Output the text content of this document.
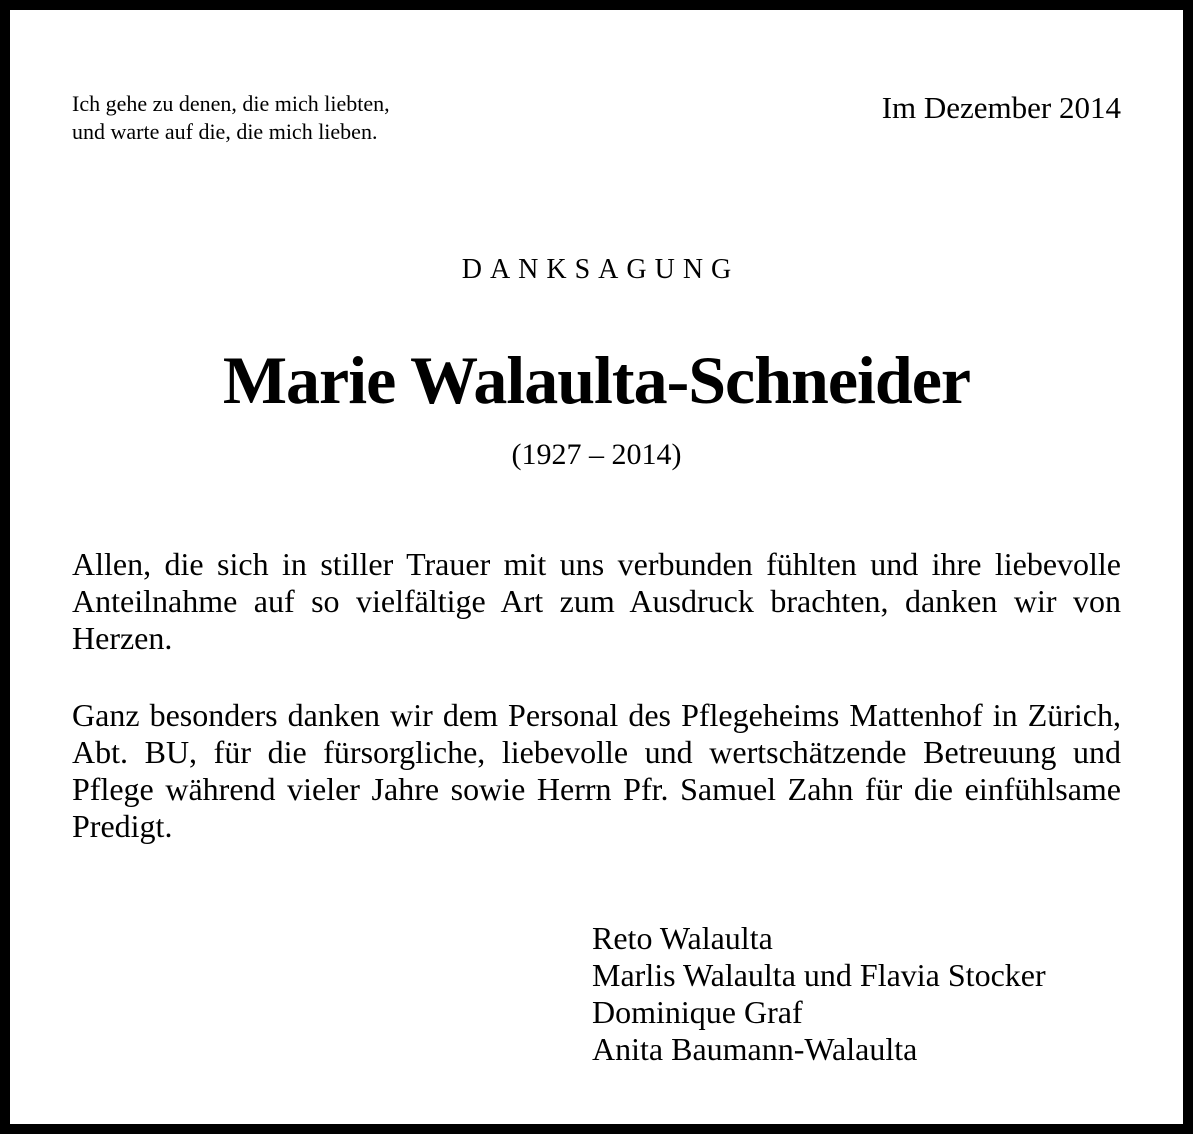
Ich gehe zu denen, die mich liebten,
und warte auf die, die mich lieben.
Im Dezember 2014
DANKSAGUNG
Marie Walaulta-Schneider
(1927 – 2014)
Allen, die sich in stiller Trauer mit uns verbunden fühlten und ihre liebevolle Anteilnahme auf so vielfältige Art zum Ausdruck brachten, danken wir von Herzen.
Ganz besonders danken wir dem Personal des Pflegeheims Mattenhof in Zürich, Abt. BU, für die fürsorgliche, liebevolle und wertschätzende Betreuung und Pflege während vieler Jahre sowie Herrn Pfr. Samuel Zahn für die einfühlsame Predigt.
Reto Walaulta
Marlis Walaulta und Flavia Stocker
Dominique Graf
Anita Baumann-Walaulta
